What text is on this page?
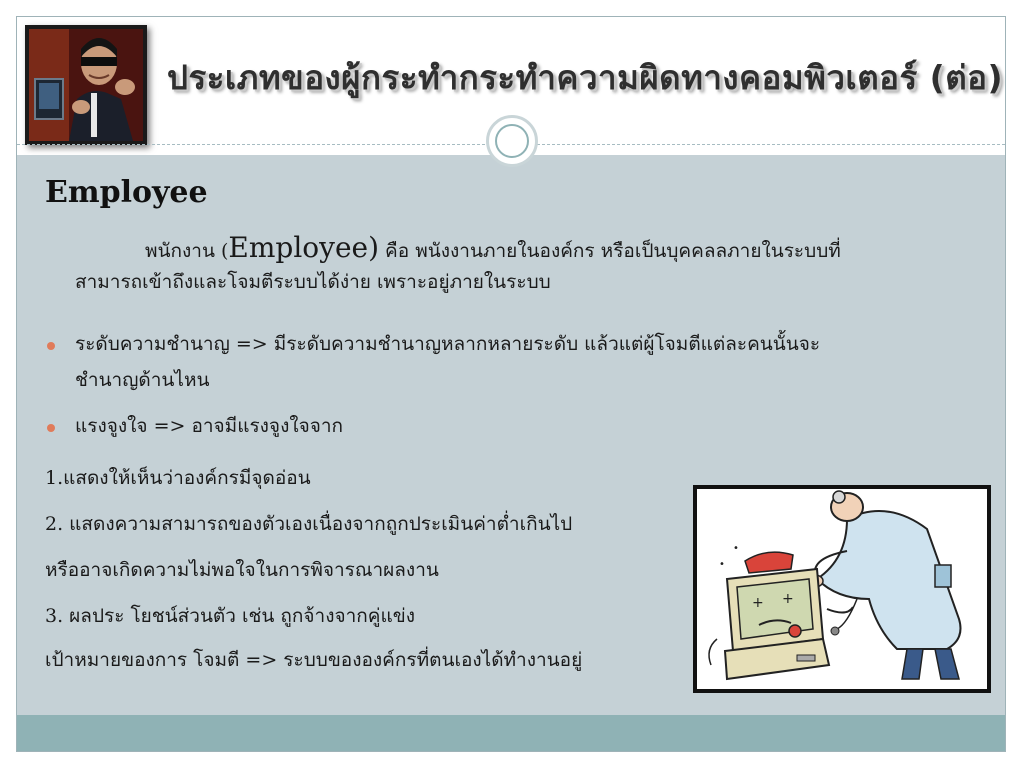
ประเภทของผู้กระทำกระทำความผิดทางคอมพิวเตอร์ (ต่อ)
Employee
พนักงาน (Employee) คือ พนังงานภายในองค์กร หรือเป็นบุคคลลภายในระบบที่
สามารถเข้าถึงและโจมตีระบบได้ง่าย เพราะอยู่ภายในระบบ
ระดับความชำนาญ => มีระดับความชำนาญหลากหลายระดับ แล้วแต่ผู้โจมตีแต่ละคนนั้นจะ
ชำนาญด้านไหน
แรงจูงใจ => อาจมีแรงจูงใจจาก
1.แสดงให้เห็นว่าองค์กรมีจุดอ่อน
2. แสดงความสามารถของตัวเองเนื่องจากถูกประเมินค่าต่ำเกินไป
หรืออาจเกิดความไม่พอใจในการพิจารณาผลงาน
3. ผลประ โยชน์ส่วนตัว เช่น ถูกจ้างจากคู่แข่ง
เป้าหมายของการ โจมตี => ระบบขององค์กรที่ตนเองได้ทำงานอยู่
+ +
•
•
